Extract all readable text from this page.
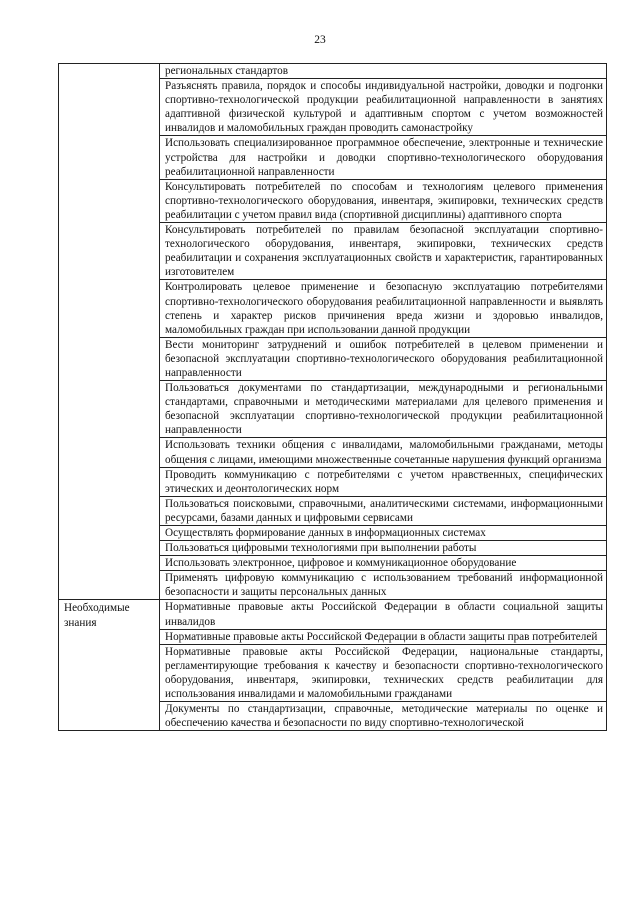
23
	региональных стандартов
	Разъяснять правила, порядок и способы индивидуальной настройки, доводки и подгонки спортивно-технологической продукции реабилитационной направленности в занятиях адаптивной физической культурой и адаптивным спортом с учетом возможностей инвалидов и маломобильных граждан проводить самонастройку
	Использовать специализированное программное обеспечение, электронные и технические устройства для настройки и доводки спортивно-технологического оборудования реабилитационной направленности
	Консультировать потребителей по способам и технологиям целевого применения спортивно-технологического оборудования, инвентаря, экипировки, технических средств реабилитации с учетом правил вида (спортивной дисциплины) адаптивного спорта
	Консультировать потребителей по правилам безопасной эксплуатации спортивно-технологического оборудования, инвентаря, экипировки, технических средств реабилитации и сохранения эксплуатационных свойств и характеристик, гарантированных изготовителем
	Контролировать целевое применение и безопасную эксплуатацию потребителями спортивно-технологического оборудования реабилитационной направленности и выявлять степень и характер рисков причинения вреда жизни и здоровью инвалидов, маломобильных граждан при использовании данной продукции
	Вести мониторинг затруднений и ошибок потребителей в целевом применении и безопасной эксплуатации спортивно-технологического оборудования реабилитационной направленности
	Пользоваться документами по стандартизации, международными и региональными стандартами, справочными и методическими материалами для целевого применения и безопасной эксплуатации спортивно-технологической продукции реабилитационной направленности
	Использовать техники общения с инвалидами, маломобильными гражданами, методы общения с лицами, имеющими множественные сочетанные нарушения функций организма
	Проводить коммуникацию с потребителями с учетом нравственных, специфических этических и деонтологических норм
	Пользоваться поисковыми, справочными, аналитическими системами, информационными ресурсами, базами данных и цифровыми сервисами
	Осуществлять формирование данных в информационных системах
	Пользоваться цифровыми технологиями при выполнении работы
	Использовать электронное, цифровое и коммуникационное оборудование
	Применять цифровую коммуникацию с использованием требований информационной безопасности и защиты персональных данных

Необходимые знания	Нормативные правовые акты Российской Федерации в области социальной защиты инвалидов
	Нормативные правовые акты Российской Федерации в области защиты прав потребителей
	Нормативные правовые акты Российской Федерации, национальные стандарты, регламентирующие требования к качеству и безопасности спортивно-технологического оборудования, инвентаря, экипировки, технических средств реабилитации для использования инвалидами и маломобильными гражданами
	Документы по стандартизации, справочные, методические материалы по оценке и обеспечению качества и безопасности по виду спортивно-технологической
